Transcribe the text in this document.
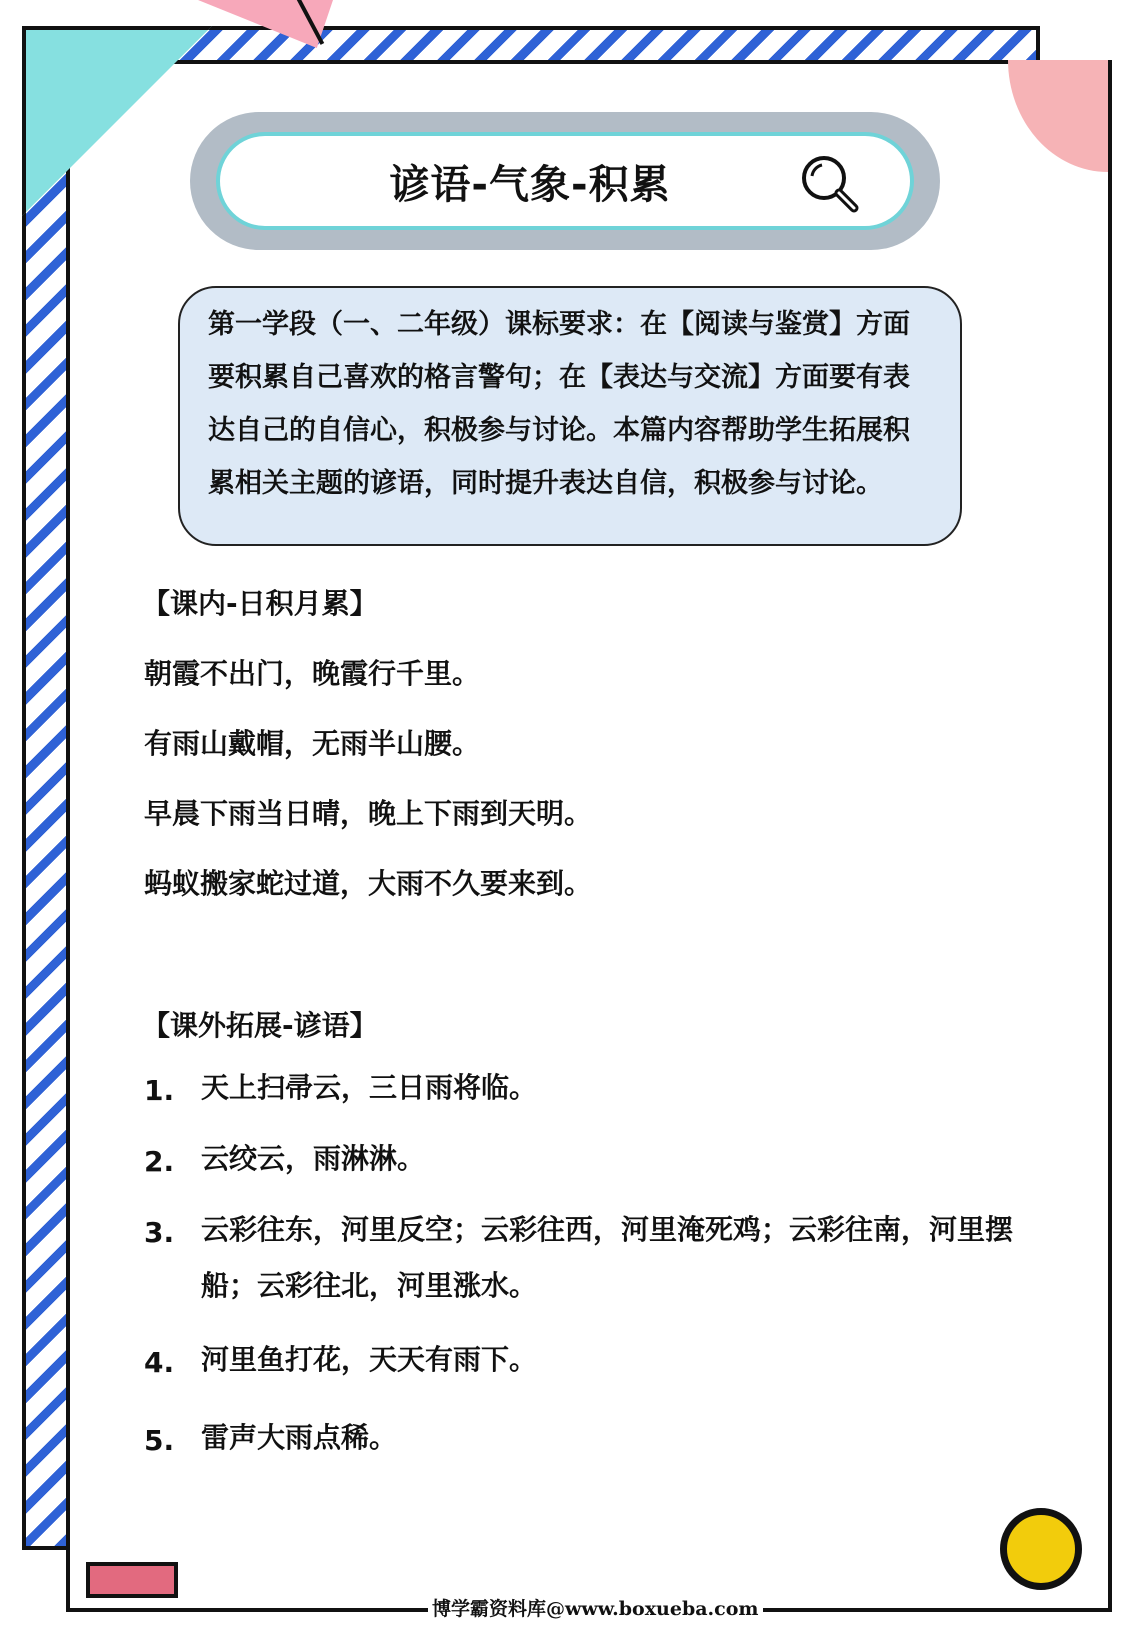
谚语-气象-积累

第一学段（一、二年级）课标要求：在【阅读与鉴赏】方面要积累自己喜欢的格言警句；在【表达与交流】方面要有表达自己的自信心，积极参与讨论。本篇内容帮助学生拓展积累相关主题的谚语，同时提升表达自信，积极参与讨论。

【课内-日积月累】
朝霞不出门，晚霞行千里。
有雨山戴帽，无雨半山腰。
早晨下雨当日晴，晚上下雨到天明。
蚂蚁搬家蛇过道，大雨不久要来到。
【课外拓展-谚语】
1. 天上扫帚云，三日雨将临。
2. 云绞云，雨淋淋。
3. 云彩往东，河里反空；云彩往西，河里淹死鸡；云彩往南，河里摆船；云彩往北，河里涨水。
4. 河里鱼打花，天天有雨下。
5. 雷声大雨点稀。
博学霸资料库@www.boxueba.com
